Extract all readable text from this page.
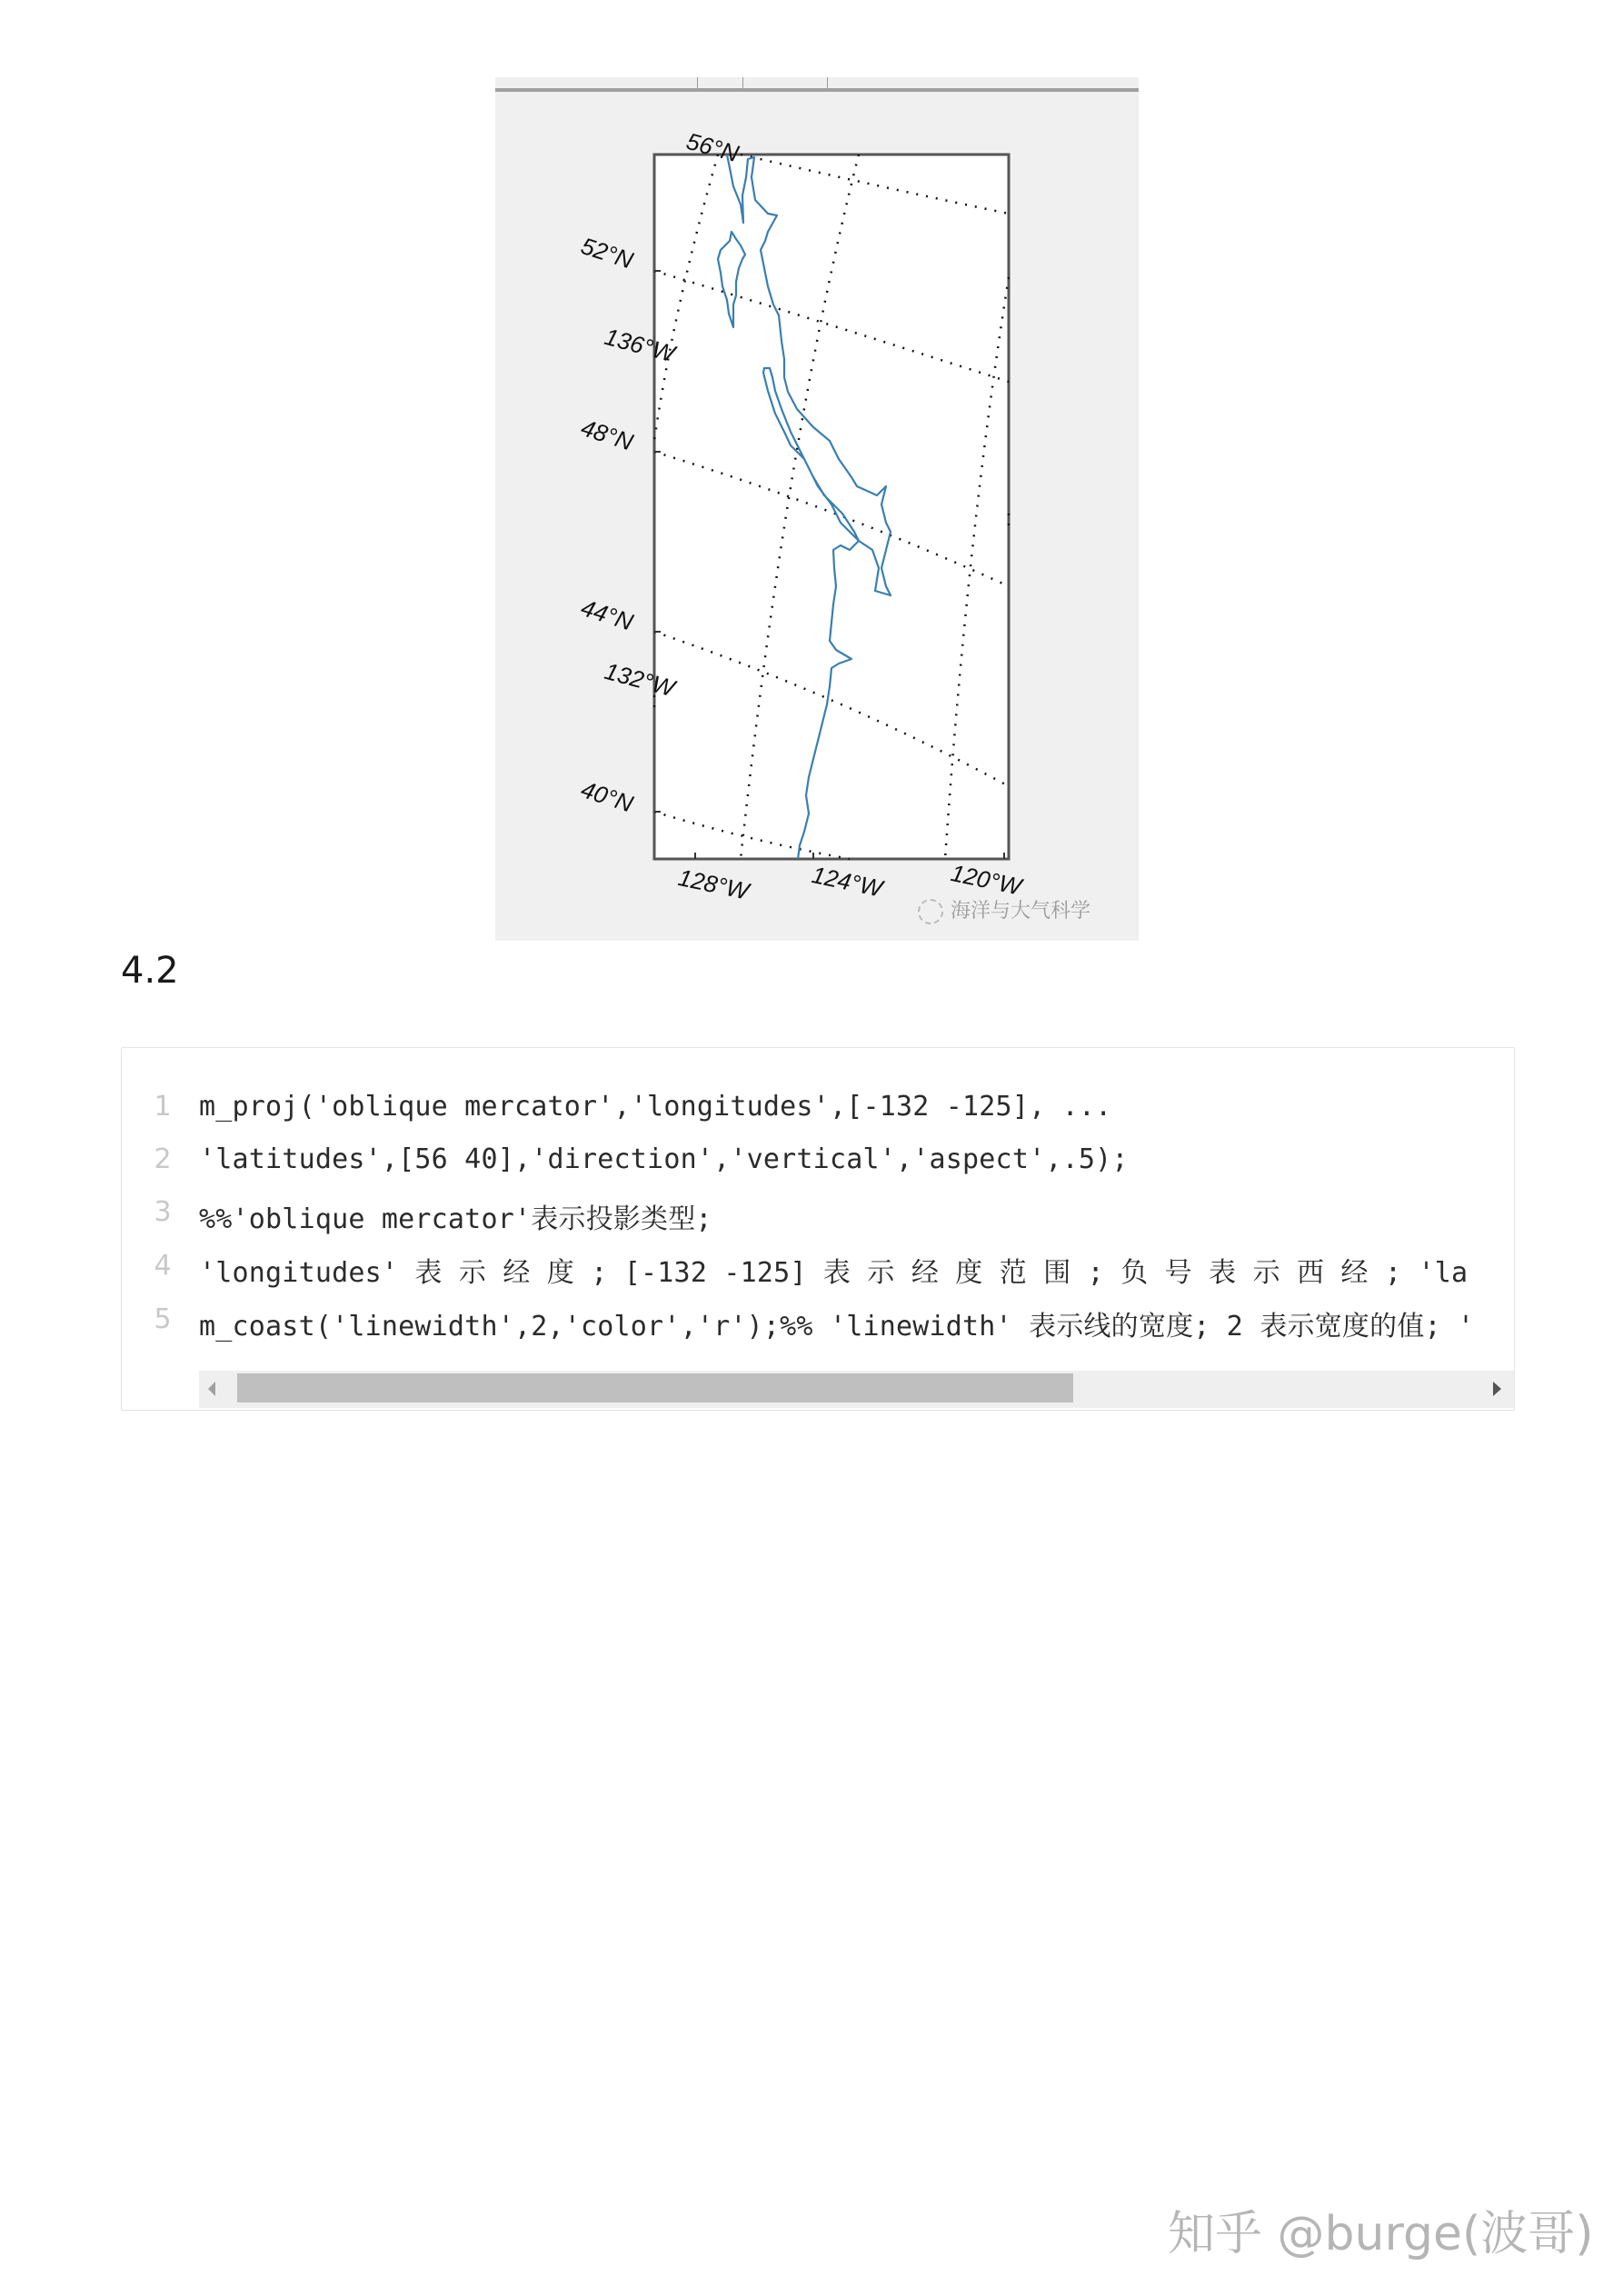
56°N
52°N
136°W
48°N
44°N
132°W
40°N
128°W 124°W	120°W
海洋与大气科学
4.2
1 m_proj('oblique mercator','longitudes',[-132 -125], ...
2 'latitudes',[56 40],'direction','vertical','aspect',.5);
3 %%'oblique mercator'表示投影类型;
4 'longitudes' 表 示 经 度 ; [-132 -125] 表 示 经 度 范 围 ; 负 号 表 示 西 经 ; 'la
5 m_coast('linewidth',2,'color','r');%% 'linewidth' 表示线的宽度; 2 表示宽度的值; '
知乎 @burge(波哥)
